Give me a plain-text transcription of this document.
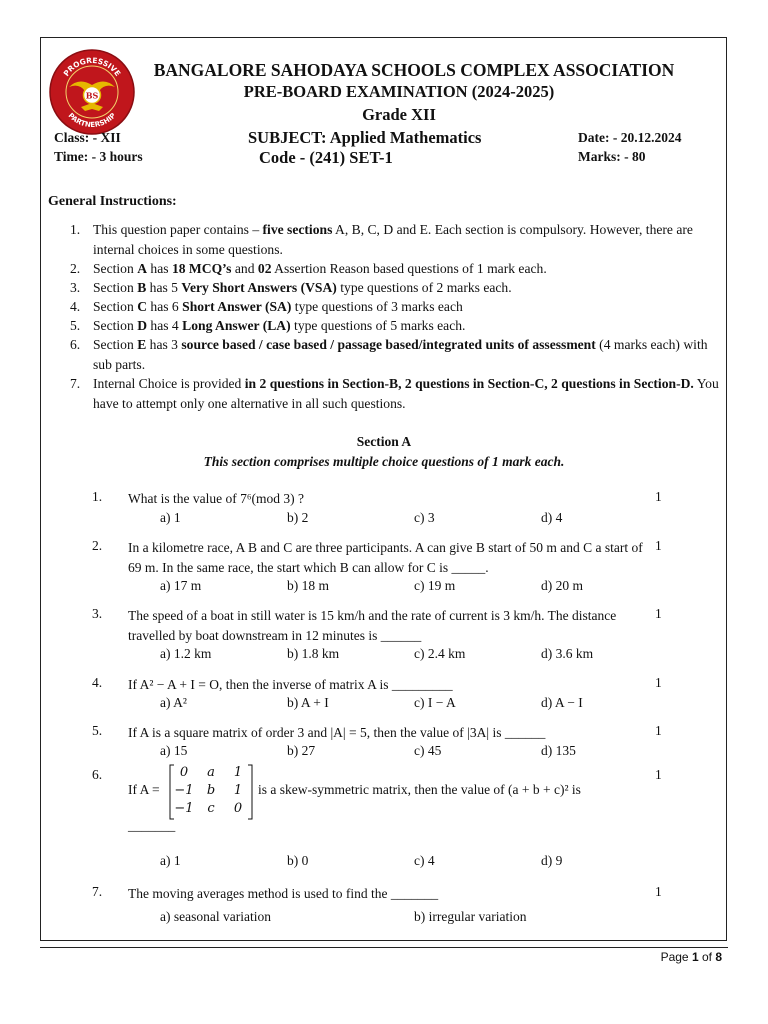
PROGRESSIVE
PARTNERSHIP
BS
BANGALORE SAHODAYA SCHOOLS COMPLEX ASSOCIATION
PRE-BOARD EXAMINATION (2024-2025)
Grade XII
Class: - XII
Time: - 3 hours
SUBJECT: Applied Mathematics
Code - (241) SET-1
Date: - 20.12.2024
Marks: - 80
General Instructions:
1. This question paper contains – five sections A, B, C, D and E. Each section is compulsory. However, there are internal choices in some questions.
2. Section A has 18 MCQ’s and 02 Assertion Reason based questions of 1 mark each.
3. Section B has 5 Very Short Answers (VSA) type questions of 2 marks each.
4. Section C has 6 Short Answer (SA) type questions of 3 marks each
5. Section D has 4 Long Answer (LA) type questions of 5 marks each.
6. Section E has 3 source based / case based / passage based/integrated units of assessment (4 marks each) with sub parts.
7. Internal Choice is provided in 2 questions in Section-B, 2 questions in Section-C, 2 questions in Section-D. You have to attempt only one alternative in all such questions.
Section A
This section comprises multiple choice questions of 1 mark each.
1. What is the value of 7⁶(mod 3) ?	1
a) 1	b) 2	c) 3	d) 4
2. In a kilometre race, A B and C are three participants. A can give B start of 50 m and C a start of 69 m. In the same race, the start which B can allow for C is _____.
1
a) 17 m	b) 18 m	c) 19 m	d) 20 m
3. The speed of a boat in still water is 15 km/h and the rate of current is 3 km/h. The distance travelled by boat downstream in 12 minutes is ______
1
a) 1.2 km	b) 1.8 km	c) 2.4 km	d) 3.6 km
4. If A² − A + I = O, then the inverse of matrix A is _________	1
a) A²	b) A + I	c) I − A	d) A − I
5. If A is a square matrix of order 3 and |A| = 5, then the value of |3A| is ______	1
a) 15	b) 27	c) 45	d) 135
6.	1
If A =
0	a	1
−1	b	1
−1	c	0
is a skew-symmetric matrix, then the value of (a + b + c)² is
_______
a) 1	b) 0	c) 4	d) 9
7. The moving averages method is used to find the _______	1
a) seasonal variation	b) irregular variation
Page 1 of 8
